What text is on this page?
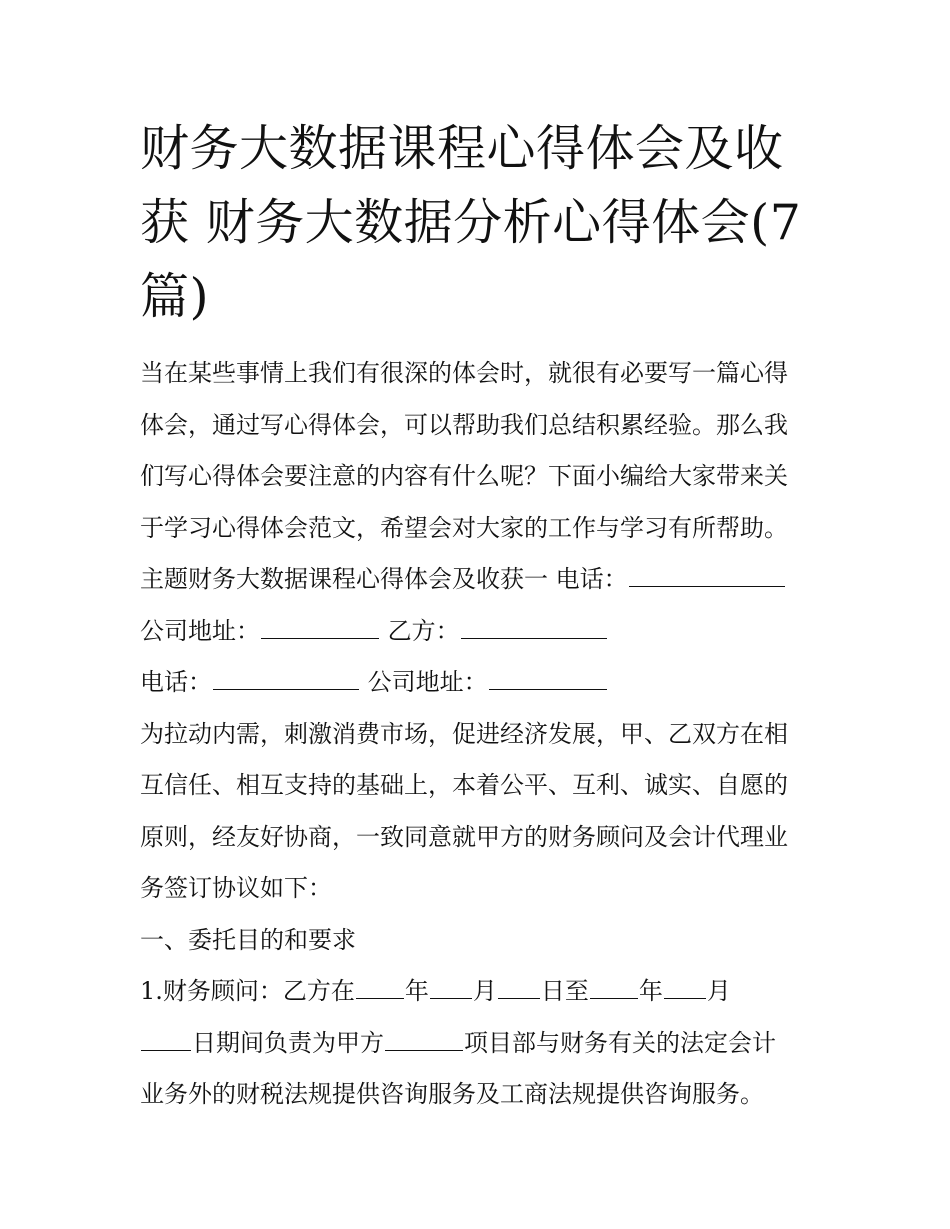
财务大数据课程心得体会及收
获 财务大数据分析心得体会(7
篇)

当在某些事情上我们有很深的体会时，就很有必要写一篇心得

体会，通过写心得体会，可以帮助我们总结积累经验。那么我

们写心得体会要注意的内容有什么呢？下面小编给大家带来关

于学习心得体会范文，希望会对大家的工作与学习有所帮助。

主题财务大数据课程心得体会及收获一 电话：

公司地址：	乙方：

电话：	公司地址：

为拉动内需，刺激消费市场，促进经济发展，甲、乙双方在相

互信任、相互支持的基础上，本着公平、互利、诚实、自愿的

原则，经友好协商，一致同意就甲方的财务顾问及会计代理业

务签订协议如下：

一、委托目的和要求

1.财务顾问：乙方在 年 月 日至 年 月

日期间负责为甲方	项目部与财务有关的法定会计

业务外的财税法规提供咨询服务及工商法规提供咨询服务。
